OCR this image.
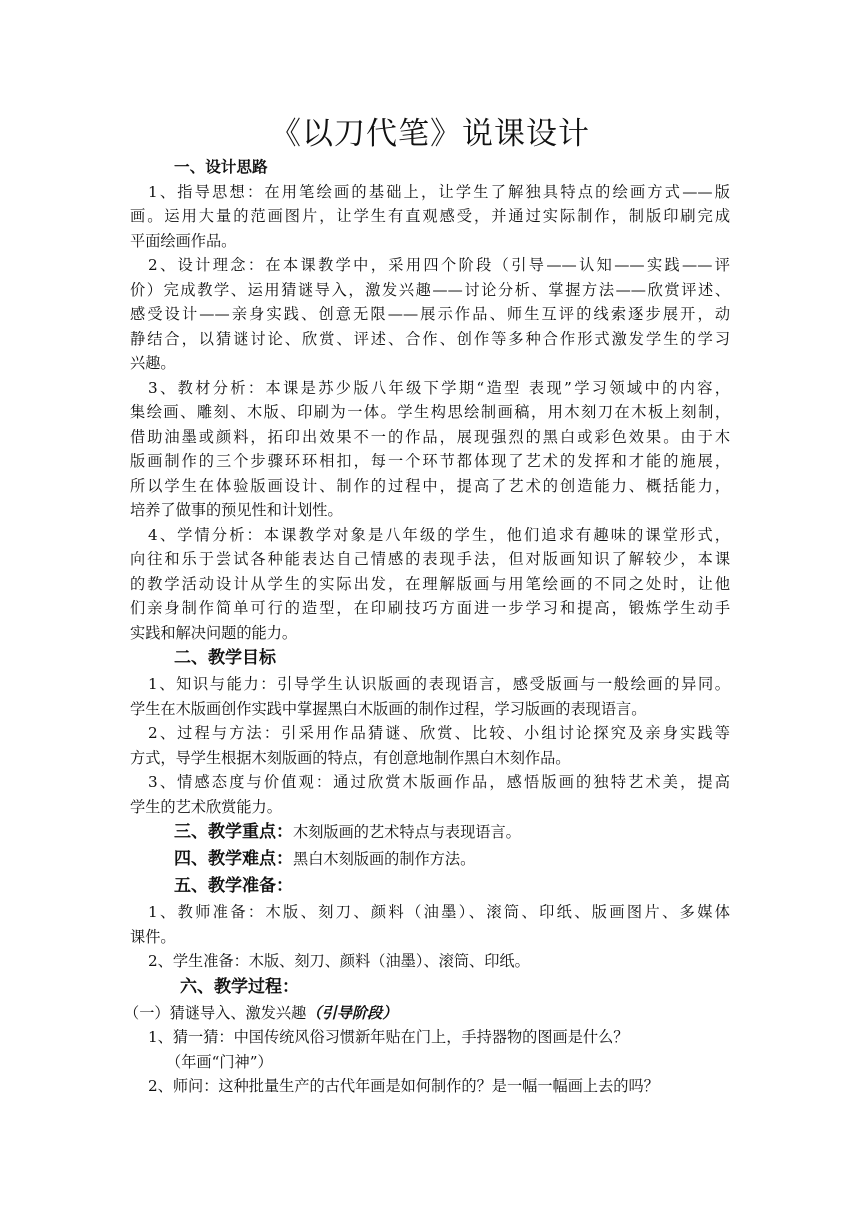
《以刀代笔》说课设计

一、设计思路

1、指导思想：在用笔绘画的基础上，让学生了解独具特点的绘画方式——版

画。运用大量的范画图片，让学生有直观感受，并通过实际制作，制版印刷完成

平面绘画作品。

2、设计理念：在本课教学中，采用四个阶段（引导——认知——实践——评

价）完成教学、运用猜谜导入，激发兴趣——讨论分析、掌握方法——欣赏评述、

感受设计——亲身实践、创意无限——展示作品、师生互评的线索逐步展开，动

静结合，以猜谜讨论、欣赏、评述、合作、创作等多种合作形式激发学生的学习

兴趣。

3、教材分析：本课是苏少版八年级下学期“造型 表现”学习领域中的内容，

集绘画、雕刻、木版、印刷为一体。学生构思绘制画稿，用木刻刀在木板上刻制，

借助油墨或颜料，拓印出效果不一的作品，展现强烈的黑白或彩色效果。由于木

版画制作的三个步骤环环相扣，每一个环节都体现了艺术的发挥和才能的施展，

所以学生在体验版画设计、制作的过程中，提高了艺术的创造能力、概括能力，

培养了做事的预见性和计划性。

4、学情分析：本课教学对象是八年级的学生，他们追求有趣味的课堂形式，

向往和乐于尝试各种能表达自己情感的表现手法，但对版画知识了解较少，本课

的教学活动设计从学生的实际出发，在理解版画与用笔绘画的不同之处时，让他

们亲身制作简单可行的造型，在印刷技巧方面进一步学习和提高，锻炼学生动手

实践和解决问题的能力。

二、教学目标

1、知识与能力：引导学生认识版画的表现语言，感受版画与一般绘画的异同。

学生在木版画创作实践中掌握黑白木版画的制作过程，学习版画的表现语言。

2、过程与方法：引采用作品猜谜、欣赏、比较、小组讨论探究及亲身实践等

方式，导学生根据木刻版画的特点，有创意地制作黑白木刻作品。

3、情感态度与价值观：通过欣赏木版画作品，感悟版画的独特艺术美，提高

学生的艺术欣赏能力。

三、教学重点：木刻版画的艺术特点与表现语言。

四、教学难点：黑白木刻版画的制作方法。

五、教学准备：

1、教师准备：木版、刻刀、颜料（油墨）、滚筒、印纸、版画图片、多媒体

课件。

2、学生准备：木版、刻刀、颜料（油墨）、滚筒、印纸。

六、教学过程：

（一）猜谜导入、激发兴趣（引导阶段）

1、猜一猜：中国传统风俗习惯新年贴在门上，手持器物的图画是什么？

（年画“门神”）

2、师问：这种批量生产的古代年画是如何制作的？是一幅一幅画上去的吗？
